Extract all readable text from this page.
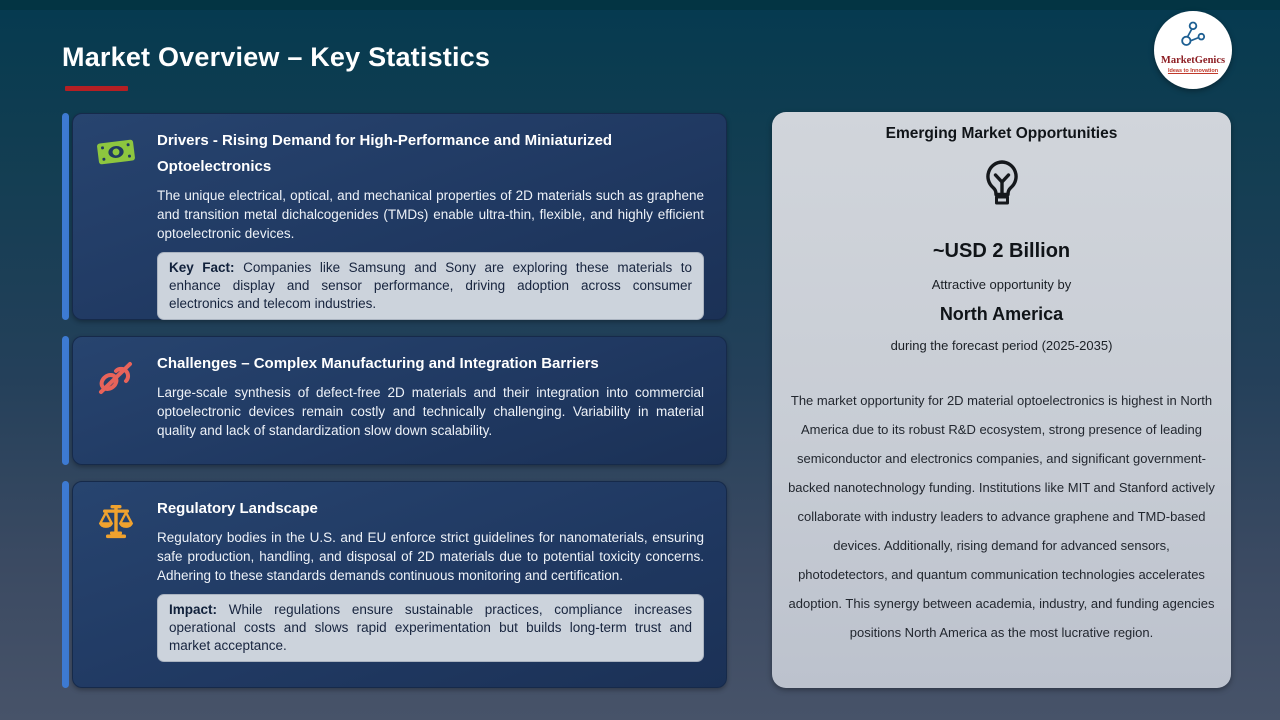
Market Overview – Key Statistics	MarketGenics
Ideas to Innovation
Drivers - Rising Demand for High-Performance and Miniaturized Optoelectronics
The unique electrical, optical, and mechanical properties of 2D materials such as graphene and transition metal dichalcogenides (TMDs) enable ultra-thin, flexible, and highly efficient optoelectronic devices.
Key Fact: Companies like Samsung and Sony are exploring these materials to enhance display and sensor performance, driving adoption across consumer electronics and telecom industries.
Challenges – Complex Manufacturing and Integration Barriers
Large-scale synthesis of defect-free 2D materials and their integration into commercial optoelectronic devices remain costly and technically challenging. Variability in material quality and lack of standardization slow down scalability.
Regulatory Landscape
Regulatory bodies in the U.S. and EU enforce strict guidelines for nanomaterials, ensuring safe production, handling, and disposal of 2D materials due to potential toxicity concerns. Adhering to these standards demands continuous monitoring and certification.
Impact: While regulations ensure sustainable practices, compliance increases operational costs and slows rapid experimentation but builds long-term trust and market acceptance.
Emerging Market Opportunities
~USD 2 Billion
Attractive opportunity by
North America
during the forecast period (2025-2035)
The market opportunity for 2D material optoelectronics is highest in North America due to its robust R&D ecosystem, strong presence of leading semiconductor and electronics companies, and significant government-backed nanotechnology funding. Institutions like MIT and Stanford actively collaborate with industry leaders to advance graphene and TMD-based devices. Additionally, rising demand for advanced sensors, photodetectors, and quantum communication technologies accelerates adoption. This synergy between academia, industry, and funding agencies positions North America as the most lucrative region.
